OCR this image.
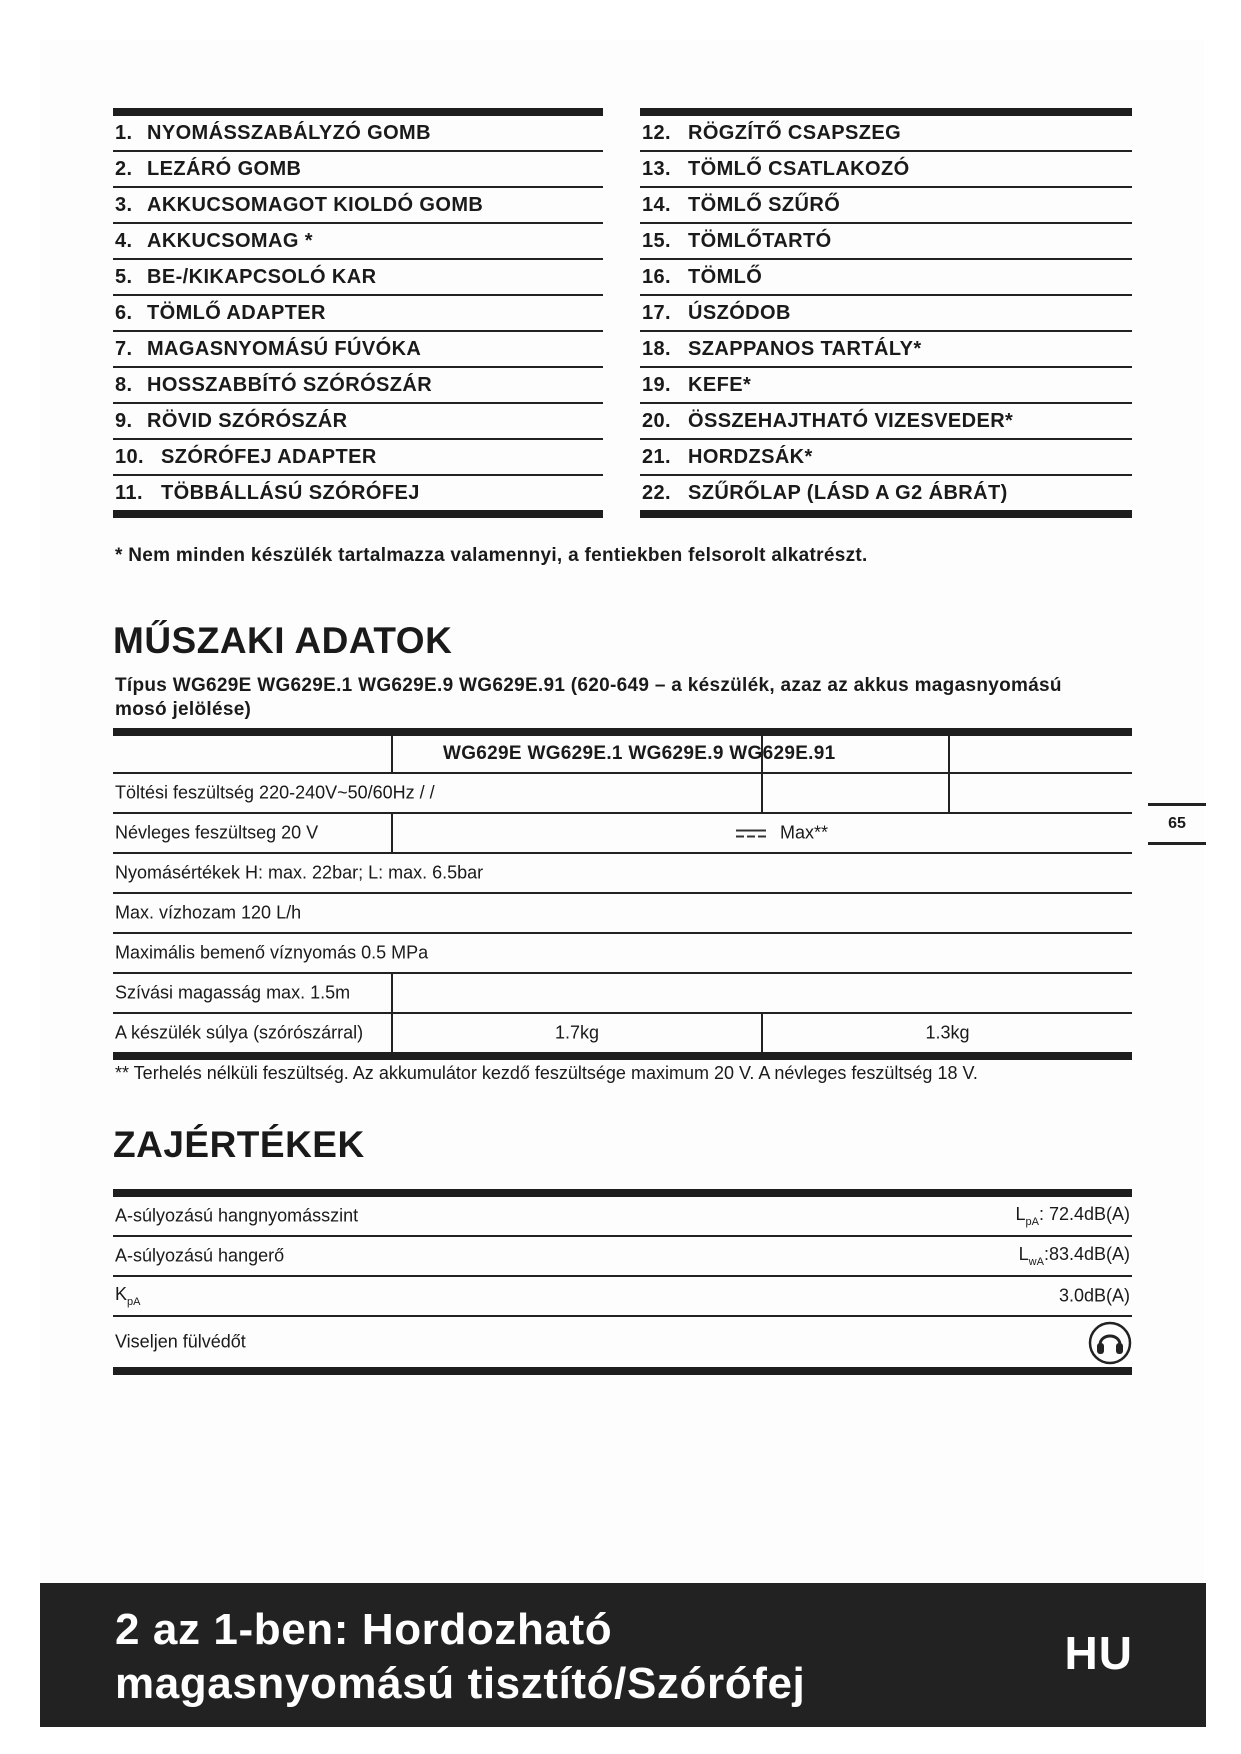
1. NYOMÁSSZABÁLYZÓ GOMB
2. LEZÁRÓ GOMB
3. AKKUCSOMAGOT KIOLDÓ GOMB
4. AKKUCSOMAG *
5. BE-/KIKAPCSOLÓ KAR
6. TÖMLŐ ADAPTER
7. MAGASNYOMÁSÚ FÚVÓKA
8. HOSSZABBÍTÓ SZÓRÓSZÁR
9. RÖVID SZÓRÓSZÁR
10. SZÓRÓFEJ ADAPTER
11. TÖBBÁLLÁSÚ SZÓRÓFEJ
12. RÖGZÍTŐ CSAPSZEG
13. TÖMLŐ CSATLAKOZÓ
14. TÖMLŐ SZŰRŐ
15. TÖMLŐTARTÓ
16. TÖMLŐ
17. ÚSZÓDOB
18. SZAPPANOS TARTÁLY*
19. KEFE*
20. ÖSSZEHAJTHATÓ VIZESVEDER*
21. HORDZSÁK*
22. SZŰRŐLAP (LÁSD A G2 ÁBRÁT)
* Nem minden készülék tartalmazza valamennyi, a fentiekben felsorolt alkatrészt.
MŰSZAKI ADATOK
Típus WG629E WG629E.1 WG629E.9 WG629E.91 (620-649 – a készülék, azaz az akkus magasnyomású mosó jelölése)
WG629E WG629E.1 WG629E.9 WG629E.91
Töltési feszültség 220-240V~50/60Hz / /
Névleges feszültseg 20 V	Max**
Nyomásértékek H: max. 22bar; L: max. 6.5bar
Max. vízhozam 120 L/h
Maximális bemenő víznyomás 0.5 MPa
Szívási magasság max. 1.5m
A készülék súlya (szórószárral)	1.7kg	1.3kg
** Terhelés nélküli feszültség. Az akkumulátor kezdő feszültsége maximum 20 V. A névleges feszültség 18 V.
ZAJÉRTÉKEK
A-súlyozású hangnyomásszint	$L_{pA}$: 72.4dB(A)
A-súlyozású hangerő	$L_{wA}:83.4dB(A)$
$K_{pA}$	3.0dB(A)
Viseljen fülvédőt
65
2 az 1-ben: Hordozható
magasnyomású tisztító/Szórófej
HU
